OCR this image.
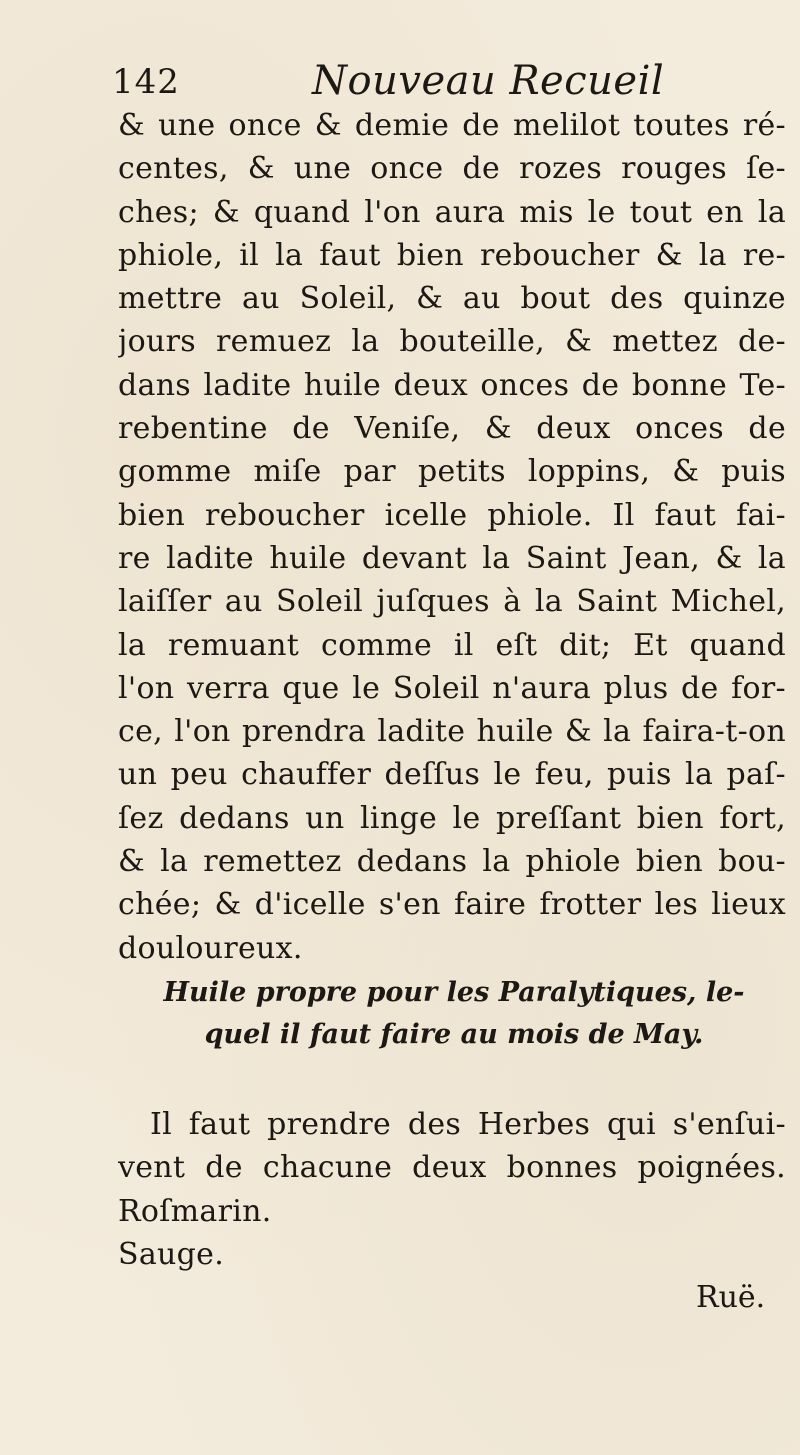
142	Nouveau Recueil
& une once & demie de melilot toutes ré-
centes, & une once de rozes rouges ſe-
ches; & quand l'on aura mis le tout en la
phiole, il la faut bien reboucher & la re-
mettre au Soleil, & au bout des quinze
jours remuez la bouteille, & mettez de-
dans ladite huile deux onces de bonne Te-
rebentine de Veniſe, & deux onces de
gomme miſe par petits loppins, & puis
bien reboucher icelle phiole. Il faut fai-
re ladite huile devant la Saint Jean, & la
laiſſer au Soleil juſques à la Saint Michel,
la remuant comme il eſt dit; Et quand
l'on verra que le Soleil n'aura plus de for-
ce, l'on prendra ladite huile & la faira-t-on
un peu chauffer deſſus le feu, puis la paſ-
ſez dedans un linge le preſſant bien fort,
& la remettez dedans la phiole bien bou-
chée; & d'icelle s'en faire frotter les lieux
douloureux.
Huile propre pour les Paralytiques, le-
quel il faut faire au mois de May.
Il faut prendre des Herbes qui s'enſui-
vent de chacune deux bonnes poignées.
Roſmarin.
Sauge.
Ruë.
